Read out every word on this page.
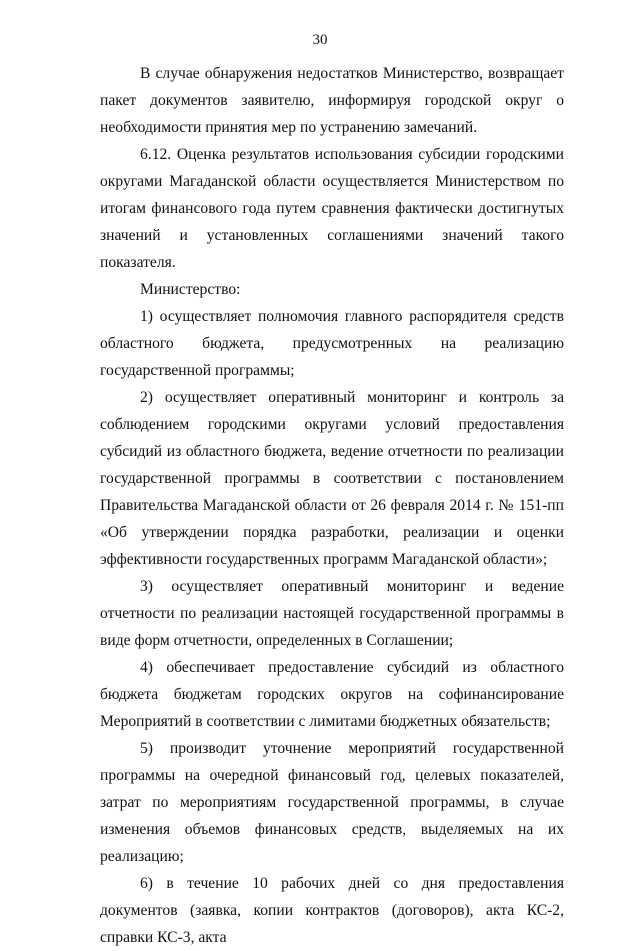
30

В случае обнаружения недостатков Министерство, возвращает пакет документов заявителю, информируя городской округ о необходимости принятия мер по устранению замечаний.

6.12. Оценка результатов использования субсидии городскими округами Магаданской области осуществляется Министерством по итогам финансового года путем сравнения фактически достигнутых значений и установленных соглашениями значений такого показателя.

Министерство:

1) осуществляет полномочия главного распорядителя средств областного бюджета, предусмотренных на реализацию государственной программы;

2) осуществляет оперативный мониторинг и контроль за соблюдением городскими округами условий предоставления субсидий из областного бюджета, ведение отчетности по реализации государственной программы в соответствии с постановлением Правительства Магаданской области от 26 февраля 2014 г. № 151-пп «Об утверждении порядка разработки, реализации и оценки эффективности государственных программ Магаданской области»;

3) осуществляет оперативный мониторинг и ведение отчетности по реализации настоящей государственной программы в виде форм отчетности, определенных в Соглашении;

4) обеспечивает предоставление субсидий из областного бюджета бюджетам городских округов на софинансирование Мероприятий в соответствии с лимитами бюджетных обязательств;

5) производит уточнение мероприятий государственной программы на очередной финансовый год, целевых показателей, затрат по мероприятиям государственной программы, в случае изменения объемов финансовых средств, выделяемых на их реализацию;

6) в течение 10 рабочих дней со дня предоставления документов (заявка, копии контрактов (договоров), акта КС-2, справки КС-3, акта
